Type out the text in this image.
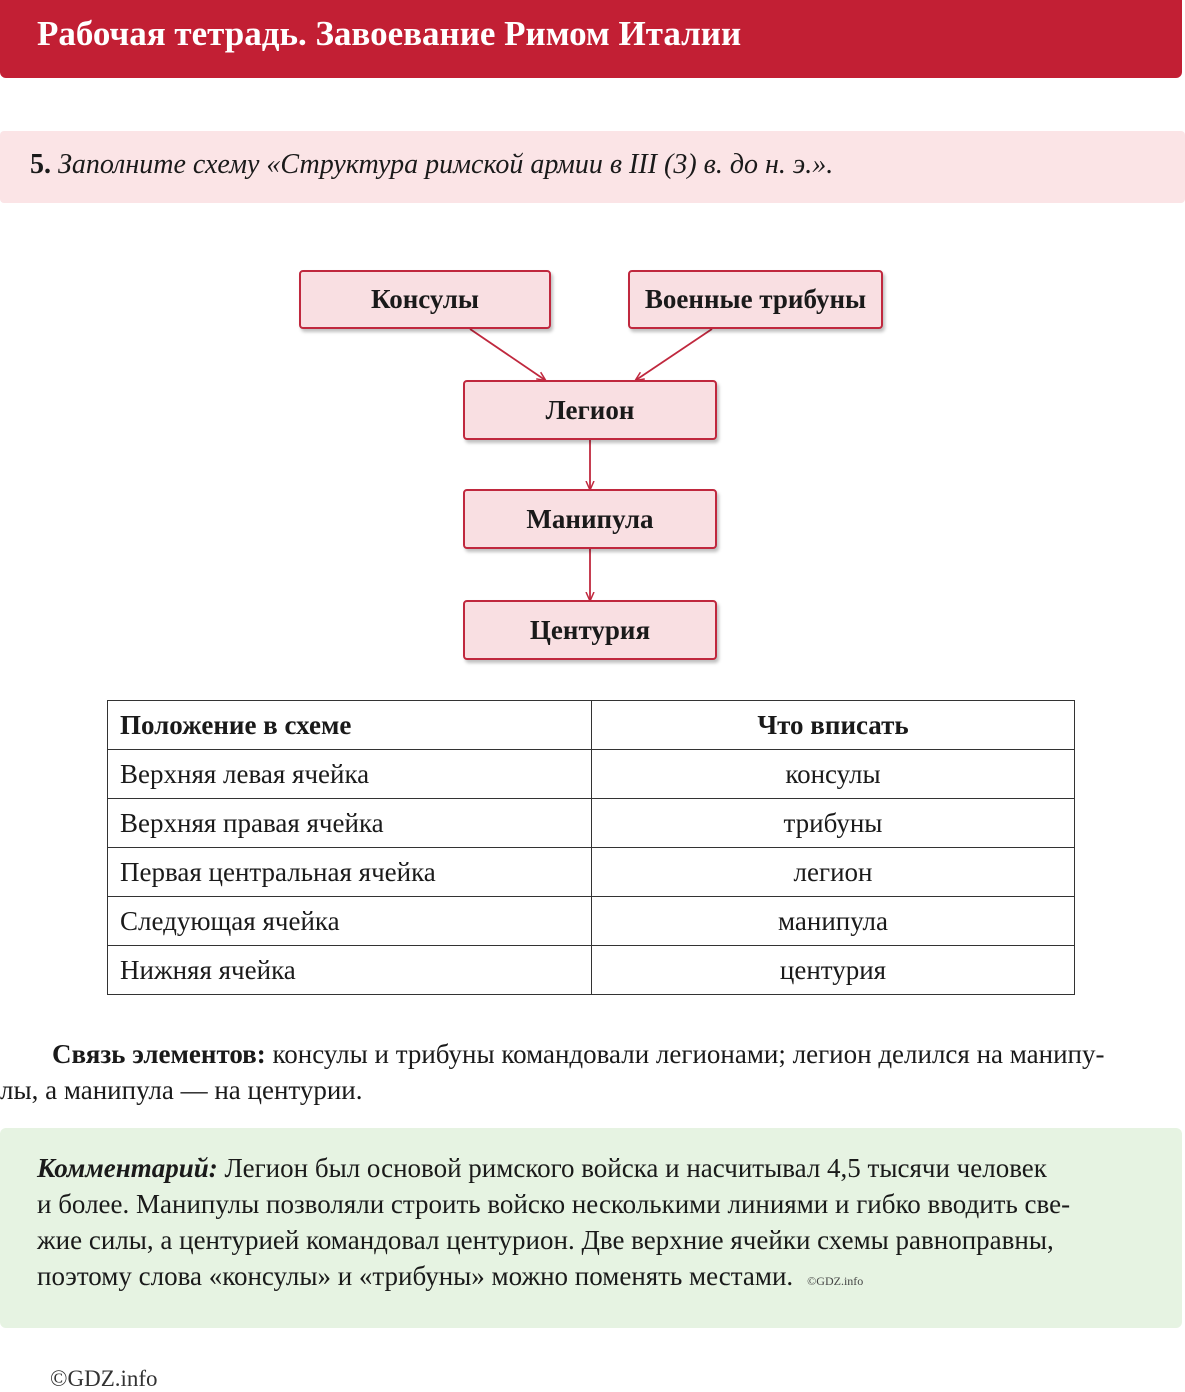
Рабочая тетрадь. Завоевание Римом Италии
5. Заполните схему «Структура римской армии в III (3) в. до н. э.».
Консулы	Военные трибуны
Легион
Манипула
Центурия
Положение в схеме	Что вписать
Верхняя левая ячейка	консулы
Верхняя правая ячейка	трибуны
Первая центральная ячейка	легион
Следующая ячейка	манипула
Нижняя ячейка	центурия
Связь элементов: консулы и трибуны командовали легионами; легион делился на манипу-
лы, а манипула — на центурии.
Комментарий: Легион был основой римского войска и насчитывал 4,5 тысячи человек
и более. Манипулы позволяли строить войско несколькими линиями и гибко вводить све-
жие силы, а центурией командовал центурион. Две верхние ячейки схемы равноправны,
поэтому слова «консулы» и «трибуны» можно поменять местами. ©GDZ.info
©GDZ.info
